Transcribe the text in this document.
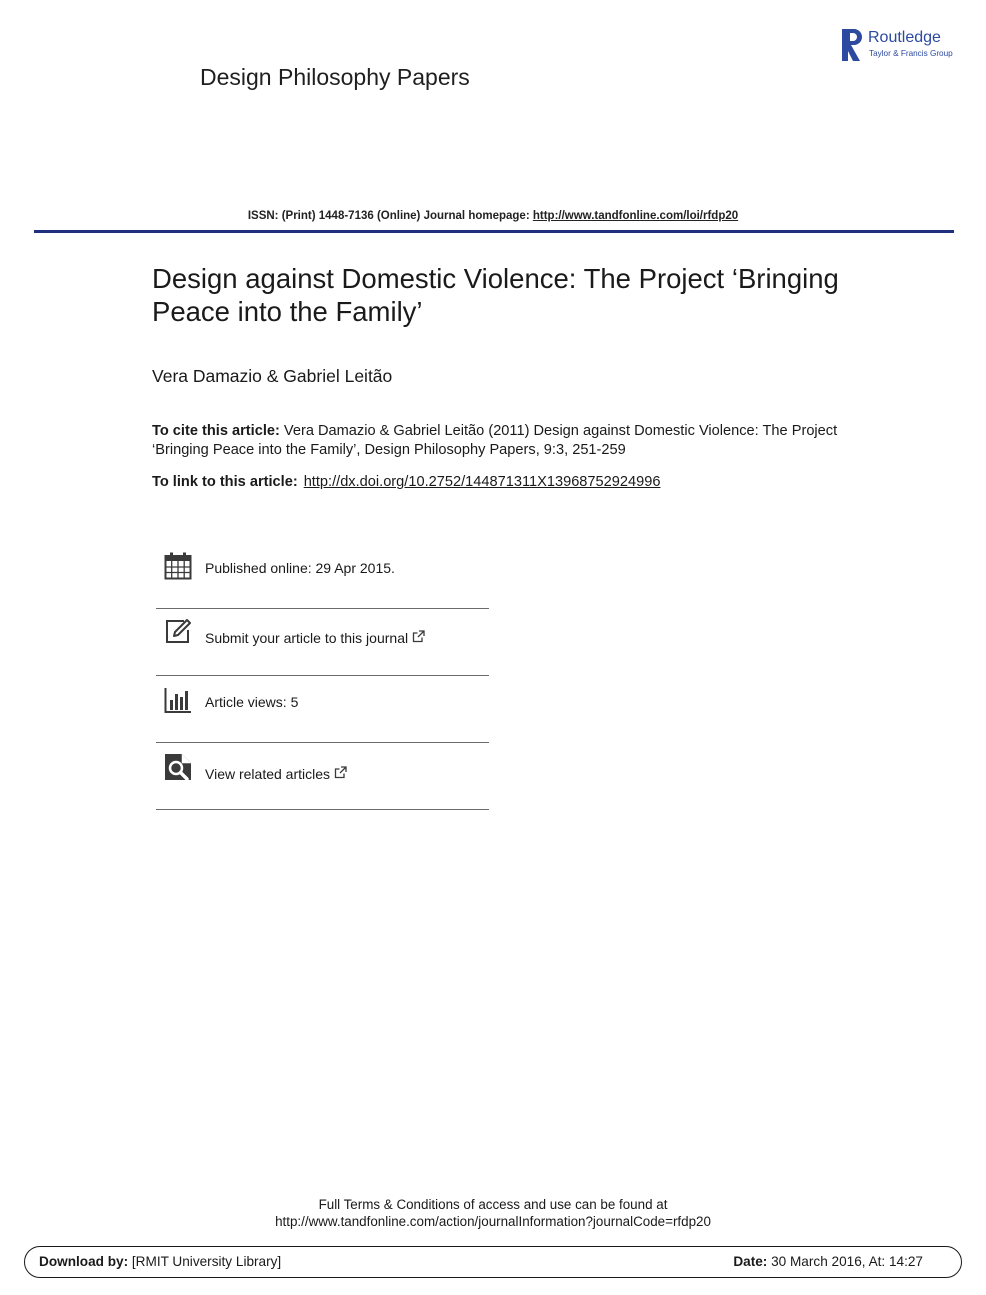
Design Philosophy Papers
Routledge
Taylor & Francis Group
ISSN: (Print) 1448-7136 (Online) Journal homepage: http://www.tandfonline.com/loi/rfdp20
Design against Domestic Violence: The Project ‘Bringing Peace into the Family’
Vera Damazio & Gabriel Leitão
To cite this article: Vera Damazio & Gabriel Leitão (2011) Design against Domestic Violence: The Project ‘Bringing Peace into the Family’, Design Philosophy Papers, 9:3, 251-259
To link to this article: http://dx.doi.org/10.2752/144871311X13968752924996
Published online: 29 Apr 2015.
Submit your article to this journal
Article views: 5
View related articles
Full Terms & Conditions of access and use can be found at
http://www.tandfonline.com/action/journalInformation?journalCode=rfdp20
Download by: [RMIT University Library]	Date: 30 March 2016, At: 14:27
